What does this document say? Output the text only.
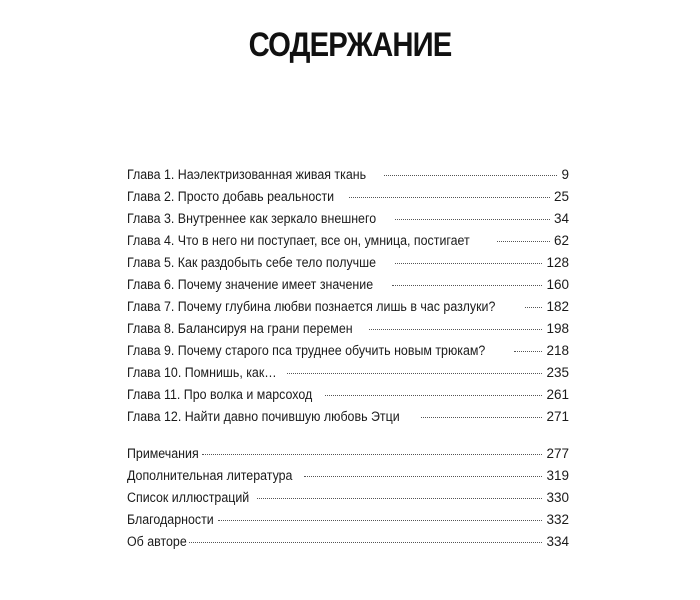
СОДЕРЖАНИЕ
Глава 1. Наэлектризованная живая ткань	9
Глава 2. Просто добавь реальности	25
Глава 3. Внутреннее как зеркало внешнего	34
Глава 4. Что в него ни поступает, все он, умница, постигает	62
Глава 5. Как раздобыть себе тело получше	128
Глава 6. Почему значение имеет значение	160
Глава 7. Почему глубина любви познается лишь в час разлуки?	182
Глава 8. Балансируя на грани перемен	198
Глава 9. Почему старого пса труднее обучить новым трюкам?	218
Глава 10. Помнишь, как…	235
Глава 11. Про волка и марсоход	261
Глава 12. Найти давно почившую любовь Этци	271
Примечания	277
Дополнительная литература	319
Список иллюстраций	330
Благодарности	332
Об авторе	334
